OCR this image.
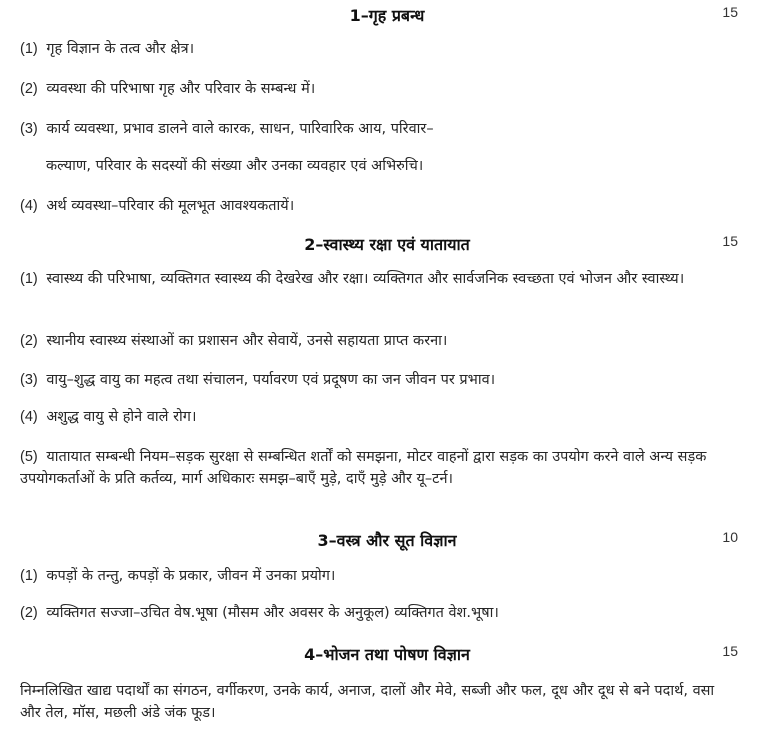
1–गृह प्रबन्ध	15
(1) गृह विज्ञान के तत्व और क्षेत्र।
(2) व्यवस्था की परिभाषा गृह और परिवार के सम्बन्ध में।
(3) कार्य व्यवस्था, प्रभाव डालने वाले कारक, साधन, पारिवारिक आय, परिवार–
कल्याण, परिवार के सदस्यों की संख्या और उनका व्यवहार एवं अभिरुचि।
(4) अर्थ व्यवस्था–परिवार की मूलभूत आवश्यकतायें।
2–स्वास्थ्य रक्षा एवं यातायात	15
(1) स्वास्थ्य की परिभाषा, व्यक्तिगत स्वास्थ्य की देखरेख और रक्षा। व्यक्तिगत और सार्वजनिक स्वच्छता एवं भोजन और स्वास्थ्य।
(2) स्थानीय स्वास्थ्य संस्थाओं का प्रशासन और सेवायें, उनसे सहायता प्राप्त करना।
(3) वायु–शुद्ध वायु का महत्व तथा संचालन, पर्यावरण एवं प्रदूषण का जन जीवन पर प्रभाव।
(4) अशुद्ध वायु से होने वाले रोग।
(5) यातायात सम्बन्धी नियम–सड़क सुरक्षा से सम्बन्धित शर्तों को समझना, मोटर वाहनों द्वारा सड़क का उपयोग करने वाले अन्य सड़क उपयोगकर्ताओं के प्रति कर्तव्य, मार्ग अधिकारः समझ–बाएँ मुड़े, दाएँ मुड़े और यू–टर्न।
3–वस्त्र और सूत विज्ञान	10
(1) कपड़ों के तन्तु, कपड़ों के प्रकार, जीवन में उनका प्रयोग।
(2) व्यक्तिगत सज्जा–उचित वेष.भूषा (मौसम और अवसर के अनुकूल) व्यक्तिगत वेश.भूषा।
4–भोजन तथा पोषण विज्ञान	15
निम्नलिखित खाद्य पदार्थों का संगठन, वर्गीकरण, उनके कार्य, अनाज, दालों और मेवे, सब्जी और फल, दूध और दूध से बने पदार्थ, वसा और तेल, मॉस, मछली अंडे जंक फूड।
